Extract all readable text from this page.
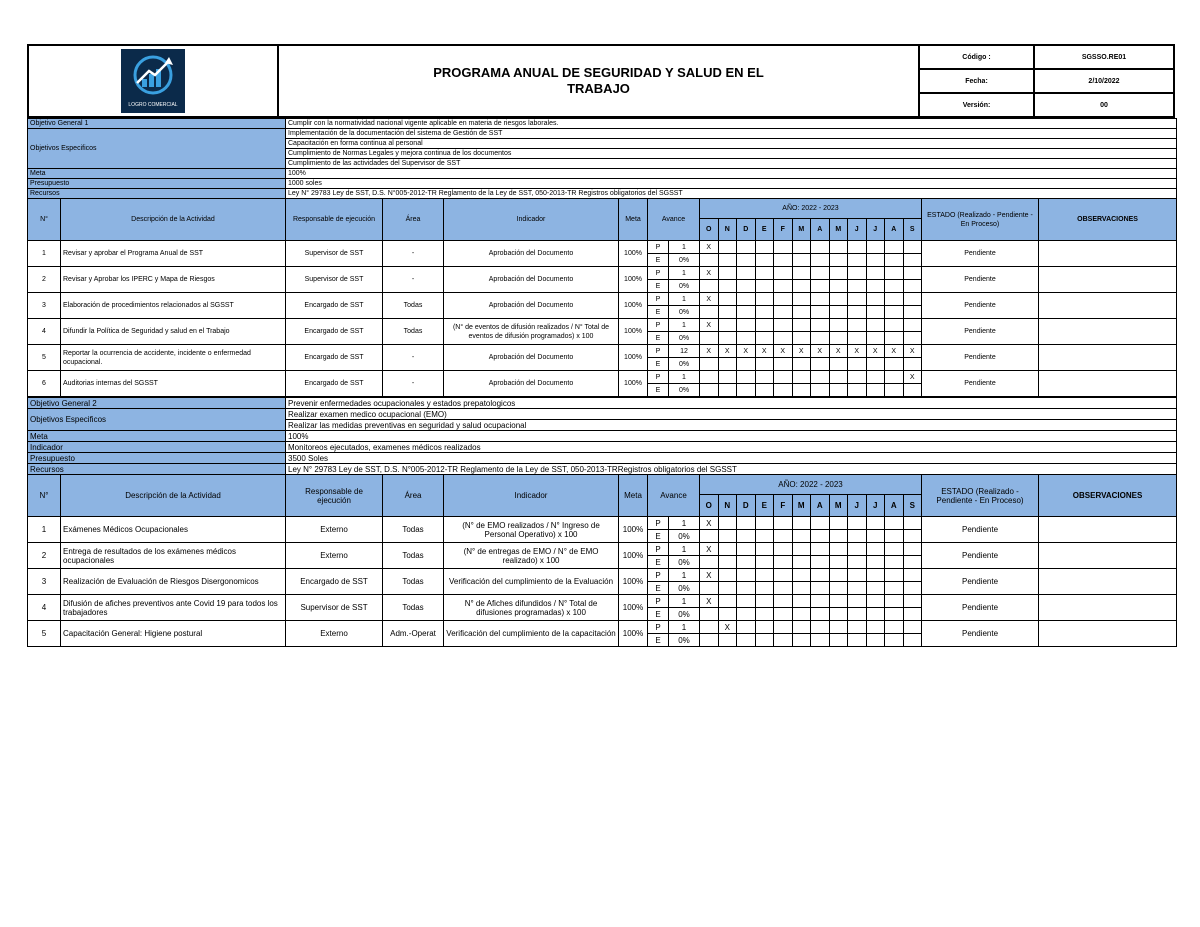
LOGRO COMERCIAL	PROGRAMA ANUAL DE SEGURIDAD Y SALUD EN EL
TRABAJO	Código :	SGSSO.RE01
		Fecha:	2/10/2022
		Versión:	00
Objetivo General 1		Cumplir con la normatividad nacional vigente aplicable en materia de riesgos laborales.																			
Objetivos Especificos		Implementación de la documentación del sistema de Gestión de SST																			
		Capacitación en forma continua al personal																			
		Cumplimiento de Normas Legales y mejora continua de los documentos																			
		Cumplimiento de las actividades del Supervisor de SST																			
Meta		100%																			
Presupuesto		1000 soles																			
Recursos		Ley N° 29783 Ley de SST, D.S. N°005-2012-TR Reglamento de la Ley de SST, 050-2013-TR Registros obligatorios del SGSST																			
N°	Descripción de la Actividad	Responsable de ejecución	Área	Indicador	Meta	Avance		AÑO: 2022 - 2023												ESTADO (Realizado - Pendiente - En Proceso)	OBSERVACIONES
								O	N	D	E	F	M	A	M	J	J	A	S		
1	Revisar y aprobar el Programa Anual de SST	Supervisor de SST	-	Aprobación del Documento	100%	P	1	X												Pendiente	
						E	0%														
2	Revisar y Aprobar los IPERC y Mapa de Riesgos	Supervisor de SST	-	Aprobación del Documento	100%	P	1	X												Pendiente	
						E	0%														
3	Elaboración de procedimientos relacionados al SGSST	Encargado de SST	Todas	Aprobación del Documento	100%	P	1	X												Pendiente	
						E	0%														
4	Difundir la Política de Seguridad y salud en el Trabajo	Encargado de SST	Todas	(N° de eventos de difusión realizados / N° Total de eventos de difusión programados) x 100	100%	P	1	X												Pendiente	
						E	0%														
5	Reportar la ocurrencia de accidente, incidente o enfermedad ocupacional.	Encargado de SST	-	Aprobación del Documento	100%	P	12	X	X	X	X	X	X	X	X	X	X	X	X	Pendiente	
						E	0%														
6	Auditorias internas del SGSST	Encargado de SST	-	Aprobación del Documento	100%	P	1												X	Pendiente	
						E	0%														
Objetivo General 2		Prevenir enfermedades ocupacionales y estados prepatologicos																			
Objetivos Especificos		Realizar examen medico ocupacional (EMO)																			
		Realizar las medidas preventivas en seguridad y salud ocupacional																			
Meta		100%																			
Indicador		Monitoreos ejecutados, examenes médicos realizados																			
Presupuesto		3500 Soles																			
Recursos		Ley N° 29783 Ley de SST, D.S. N°005-2012-TR Reglamento de la Ley de SST, 050-2013-TRRegistros obligatorios del SGSST																			
N°	Descripción de la Actividad	Responsable de ejecución	Área	Indicador	Meta	Avance		AÑO: 2022 - 2023												ESTADO (Realizado - Pendiente - En Proceso)	OBSERVACIONES
								O	N	D	E	F	M	A	M	J	J	A	S		
1	Exámenes Médicos Ocupacionales	Externo	Todas	(N° de EMO realizados / N° Ingreso de Personal Operativo) x 100	100%	P	1	X												Pendiente	
						E	0%														
2	Entrega de resultados de los exámenes médicos ocupacionales	Externo	Todas	(N° de entregas de EMO / N° de EMO realizado) x 100	100%	P	1	X												Pendiente	
						E	0%														
3	Realización de Evaluación de Riesgos Disergonomicos	Encargado de SST	Todas	Verificación del cumplimiento de la Evaluación	100%	P	1	X												Pendiente	
						E	0%														
4	Difusión de afiches preventivos ante Covid 19 para todos los trabajadores	Supervisor de SST	Todas	N° de Afiches difundidos / N° Total de difusiones programadas) x 100	100%	P	1	X												Pendiente	
						E	0%														
5	Capacitación General: Higiene postural	Externo	Adm.-Operat	Verificación del cumplimiento de la capacitación	100%	P	1		X											Pendiente	
						E	0%														
